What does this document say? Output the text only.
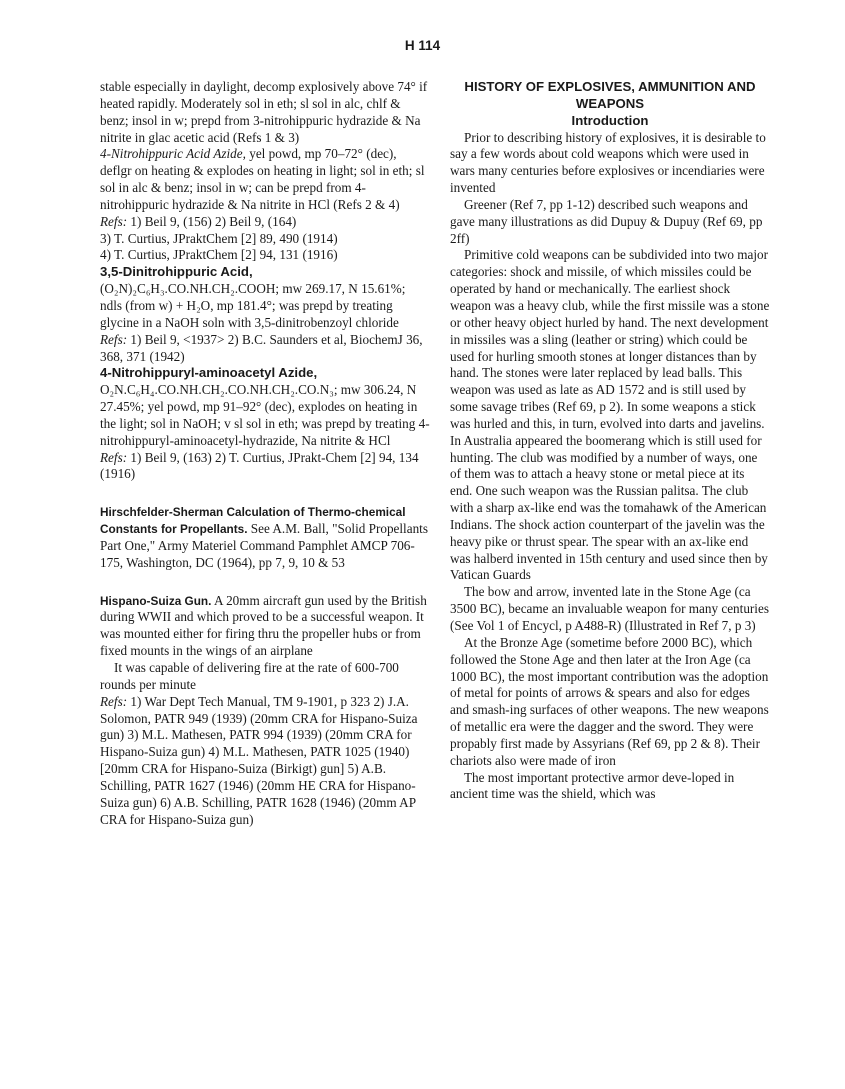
H 114

stable especially in daylight, decomp explosively above 74° if heated rapidly. Moderately sol in eth; sl sol in alc, chlf & benz; insol in w; prepd from 3-nitrohippuric hydrazide & Na nitrite in glac acetic acid (Refs 1 & 3)

4-Nitrohippuric Acid Azide, yel powd, mp 70–72° (dec), deflgr on heating & explodes on heating in light; sol in eth; sl sol in alc & benz; insol in w; can be prepd from 4-nitrohippuric hydrazide & Na nitrite in HCl (Refs 2 & 4)

Refs: 1) Beil 9, (156) 2) Beil 9, (164)

3) T. Curtius, JPraktChem [2] 89, 490 (1914)

4) T. Curtius, JPraktChem [2] 94, 131 (1916)

3,5-Dinitrohippuric Acid,

(O₂N)₂C₆H₃.CO.NH.CH₂.COOH; mw 269.17, N 15.61%; ndls (from w) + H₂O, mp 181.4°; was prepd by treating glycine in a NaOH soln with 3,5-dinitrobenzoyl chloride

Refs: 1) Beil 9, <1937> 2) B.C. Saunders et al, BiochemJ 36, 368, 371 (1942)

4-Nitrohippuryl-aminoacetyl Azide,

O₂N.C₆H₄.CO.NH.CH₂.CO.NH.CH₂.CO.N₃; mw 306.24, N 27.45%; yel powd, mp 91–92° (dec), explodes on heating in the light; sol in NaOH; v sl sol in eth; was prepd by treating 4-nitrohippuryl-aminoacetyl-hydrazide, Na nitrite & HCl

Refs: 1) Beil 9, (163) 2) T. Curtius, JPrakt-Chem [2] 94, 134 (1916)

Hirschfelder-Sherman Calculation of Thermo-chemical Constants for Propellants. See A.M. Ball, "Solid Propellants Part One," Army Materiel Command Pamphlet AMCP 706-175, Washington, DC (1964), pp 7, 9, 10 & 53

Hispano-Suiza Gun. A 20mm aircraft gun used by the British during WWII and which proved to be a successful weapon. It was mounted either for firing thru the propeller hubs or from fixed mounts in the wings of an airplane

It was capable of delivering fire at the rate of 600-700 rounds per minute

Refs: 1) War Dept Tech Manual, TM 9-1901, p 323 2) J.A. Solomon, PATR 949 (1939) (20mm CRA for Hispano-Suiza gun) 3) M.L. Mathesen, PATR 994 (1939) (20mm CRA for Hispano-Suiza gun) 4) M.L. Mathesen, PATR 1025 (1940) [20mm CRA for Hispano-Suiza (Birkigt) gun] 5) A.B. Schilling, PATR 1627 (1946) (20mm HE CRA for Hispano-Suiza gun) 6) A.B. Schilling, PATR 1628 (1946) (20mm AP CRA for Hispano-Suiza gun)

HISTORY OF EXPLOSIVES, AMMUNITION AND WEAPONS

Introduction

Prior to describing history of explosives, it is desirable to say a few words about cold weapons which were used in wars many centuries before explosives or incendiaries were invented

Greener (Ref 7, pp 1-12) described such weapons and gave many illustrations as did Dupuy & Dupuy (Ref 69, pp 2ff)

Primitive cold weapons can be subdivided into two major categories: shock and missile, of which missiles could be operated by hand or mechanically. The earliest shock weapon was a heavy club, while the first missile was a stone or other heavy object hurled by hand. The next development in missiles was a sling (leather or string) which could be used for hurling smooth stones at longer distances than by hand. The stones were later replaced by lead balls. This weapon was used as late as AD 1572 and is still used by some savage tribes (Ref 69, p 2). In some weapons a stick was hurled and this, in turn, evolved into darts and javelins. In Australia appeared the boomerang which is still used for hunting. The club was modified by a number of ways, one of them was to attach a heavy stone or metal piece at its end. One such weapon was the Russian palitsa. The club with a sharp ax-like end was the tomahawk of the American Indians. The shock action counterpart of the javelin was the heavy pike or thrust spear. The spear with an ax-like end was halberd invented in 15th century and used since then by Vatican Guards

The bow and arrow, invented late in the Stone Age (ca 3500 BC), became an invaluable weapon for many centuries (See Vol 1 of Encycl, p A488-R) (Illustrated in Ref 7, p 3)

At the Bronze Age (sometime before 2000 BC), which followed the Stone Age and then later at the Iron Age (ca 1000 BC), the most important contribution was the adoption of metal for points of arrows & spears and also for edges and smash-ing surfaces of other weapons. The new weapons of metallic era were the dagger and the sword. They were propably first made by Assyrians (Ref 69, pp 2 & 8). Their chariots also were made of iron

The most important protective armor deve-loped in ancient time was the shield, which was
